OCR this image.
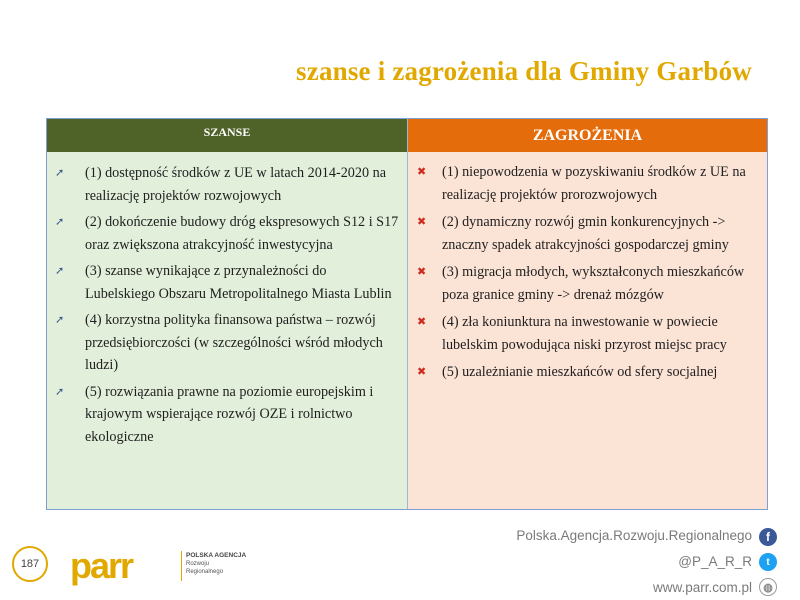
szanse i zagrożenia dla Gminy Garbów
SZANSE
➚ (1) dostępność środków z UE w latach 2014-2020 na realizację projektów rozwojowych
➚ (2) dokończenie budowy dróg ekspresowych S12 i S17 oraz zwiększona atrakcyjność inwestycyjna
➚ (3) szanse wynikające z przynależności do Lubelskiego Obszaru Metropolitalnego Miasta Lublin
➚ (4) korzystna polityka finansowa państwa – rozwój przedsiębiorczości (w szczególności wśród młodych ludzi)
➚ (5) rozwiązania prawne na poziomie europejskim i krajowym wspierające rozwój OZE i rolnictwo ekologiczne
ZAGROŻENIA
✖ (1) niepowodzenia w pozyskiwaniu środków z UE na realizację projektów prorozwojowych
✖ (2) dynamiczny rozwój gmin konkurencyjnych -> znaczny spadek atrakcyjności gospodarczej gminy
✖ (3) migracja młodych, wykształconych mieszkańców poza granice gminy -> drenaż mózgów
✖ (4) zła koniunktura na inwestowanie w powiecie lubelskim powodująca niski przyrost miejsc pracy
✖ (5) uzależnianie mieszkańców od sfery socjalnej
Polska.Agencja.Rozwoju.Regionalnego	f
@P_A_R_R	t
www.parr.com.pl	◍
187 parr	POLSKA AGENCJA
Rozwoju
Regionalnego
